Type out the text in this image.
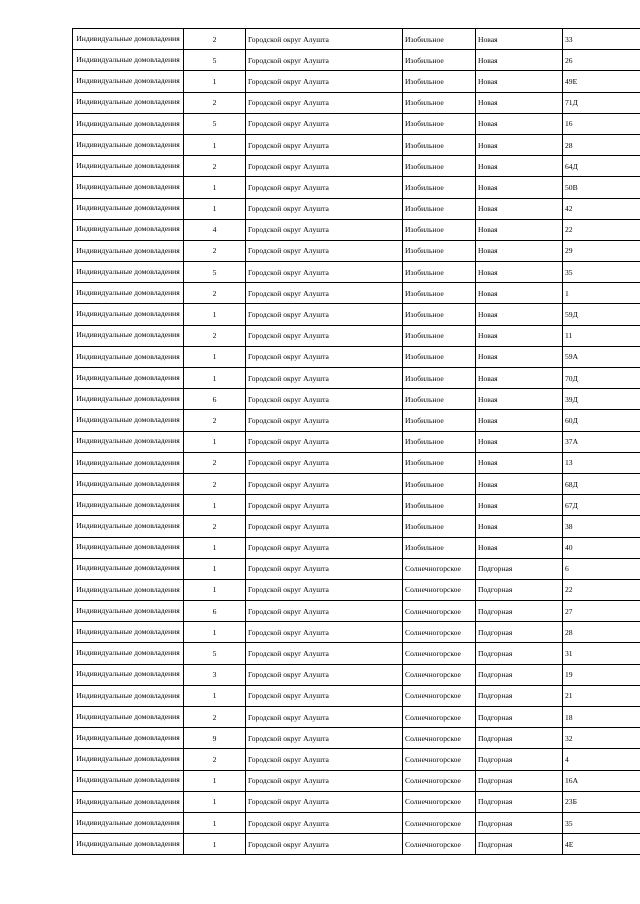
Индивидуальные домовладения	2	Городской округ Алушта	Изобильное	Новая	33
Индивидуальные домовладения	5	Городской округ Алушта	Изобильное	Новая	26
Индивидуальные домовладения	1	Городской округ Алушта	Изобильное	Новая	49Е
Индивидуальные домовладения	2	Городской округ Алушта	Изобильное	Новая	71Д
Индивидуальные домовладения	5	Городской округ Алушта	Изобильное	Новая	16
Индивидуальные домовладения	1	Городской округ Алушта	Изобильное	Новая	28
Индивидуальные домовладения	2	Городской округ Алушта	Изобильное	Новая	64Д
Индивидуальные домовладения	1	Городской округ Алушта	Изобильное	Новая	50В
Индивидуальные домовладения	1	Городской округ Алушта	Изобильное	Новая	42
Индивидуальные домовладения	4	Городской округ Алушта	Изобильное	Новая	22
Индивидуальные домовладения	2	Городской округ Алушта	Изобильное	Новая	29
Индивидуальные домовладения	5	Городской округ Алушта	Изобильное	Новая	35
Индивидуальные домовладения	2	Городской округ Алушта	Изобильное	Новая	1
Индивидуальные домовладения	1	Городской округ Алушта	Изобильное	Новая	59Д
Индивидуальные домовладения	2	Городской округ Алушта	Изобильное	Новая	11
Индивидуальные домовладения	1	Городской округ Алушта	Изобильное	Новая	59А
Индивидуальные домовладения	1	Городской округ Алушта	Изобильное	Новая	70Д
Индивидуальные домовладения	6	Городской округ Алушта	Изобильное	Новая	39Д
Индивидуальные домовладения	2	Городской округ Алушта	Изобильное	Новая	60Д
Индивидуальные домовладения	1	Городской округ Алушта	Изобильное	Новая	37А
Индивидуальные домовладения	2	Городской округ Алушта	Изобильное	Новая	13
Индивидуальные домовладения	2	Городской округ Алушта	Изобильное	Новая	68Д
Индивидуальные домовладения	1	Городской округ Алушта	Изобильное	Новая	67Д
Индивидуальные домовладения	2	Городской округ Алушта	Изобильное	Новая	38
Индивидуальные домовладения	1	Городской округ Алушта	Изобильное	Новая	40
Индивидуальные домовладения	1	Городской округ Алушта	Солнечногорское	Подгорная	6
Индивидуальные домовладения	1	Городской округ Алушта	Солнечногорское	Подгорная	22
Индивидуальные домовладения	6	Городской округ Алушта	Солнечногорское	Подгорная	27
Индивидуальные домовладения	1	Городской округ Алушта	Солнечногорское	Подгорная	28
Индивидуальные домовладения	5	Городской округ Алушта	Солнечногорское	Подгорная	31
Индивидуальные домовладения	3	Городской округ Алушта	Солнечногорское	Подгорная	19
Индивидуальные домовладения	1	Городской округ Алушта	Солнечногорское	Подгорная	21
Индивидуальные домовладения	2	Городской округ Алушта	Солнечногорское	Подгорная	18
Индивидуальные домовладения	9	Городской округ Алушта	Солнечногорское	Подгорная	32
Индивидуальные домовладения	2	Городской округ Алушта	Солнечногорское	Подгорная	4
Индивидуальные домовладения	1	Городской округ Алушта	Солнечногорское	Подгорная	16А
Индивидуальные домовладения	1	Городской округ Алушта	Солнечногорское	Подгорная	23Б
Индивидуальные домовладения	1	Городской округ Алушта	Солнечногорское	Подгорная	35
Индивидуальные домовладения	1	Городской округ Алушта	Солнечногорское	Подгорная	4Е
